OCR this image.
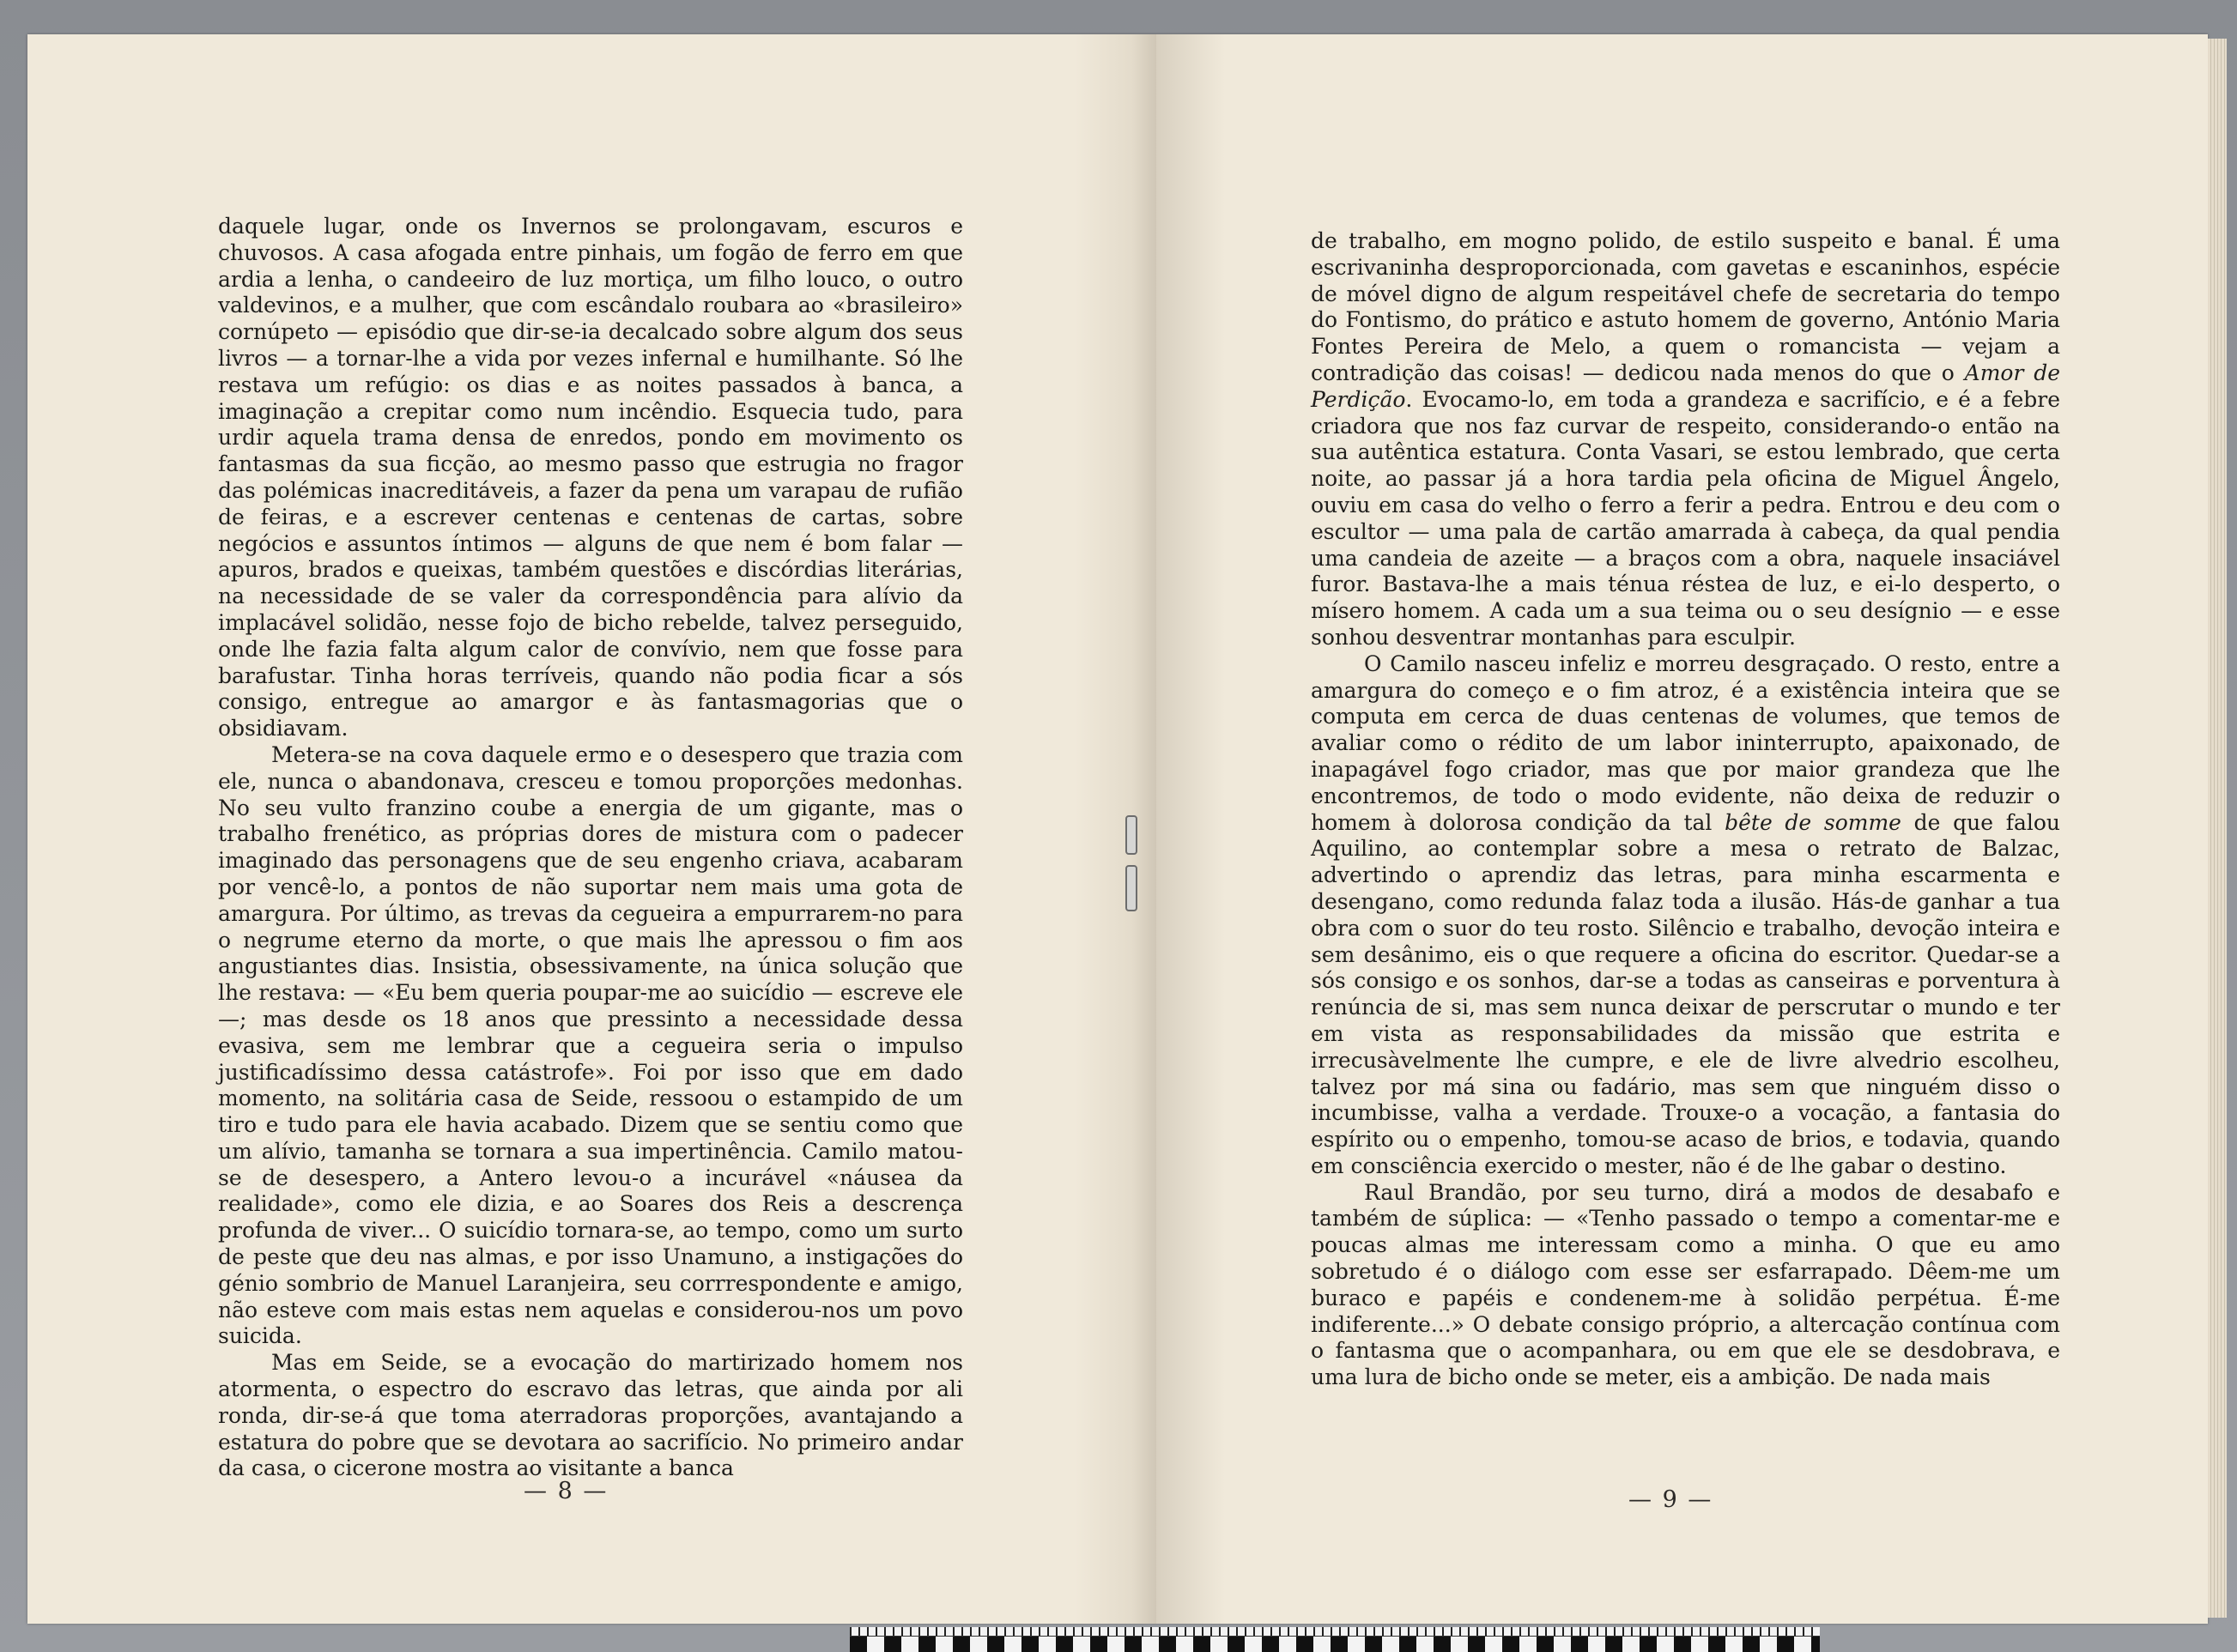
daquele lugar, onde os Invernos se prolongavam, escuros e chuvosos. A casa afogada entre pinhais, um fogão de ferro em que ardia a lenha, o candeeiro de luz mortiça, um filho louco, o outro valdevinos, e a mulher, que com escândalo roubara ao «brasileiro» cornúpeto — episódio que dir-se-ia decalcado sobre algum dos seus livros — a tornar-lhe a vida por vezes infernal e humilhante. Só lhe restava um refúgio: os dias e as noites passados à banca, a imaginação a crepitar como num incêndio. Esquecia tudo, para urdir aquela trama densa de enredos, pondo em movimento os fantasmas da sua ficção, ao mesmo passo que estrugia no fragor das polémicas inacreditáveis, a fazer da pena um varapau de rufião de feiras, e a escrever centenas e centenas de cartas, sobre negócios e assuntos íntimos — alguns de que nem é bom falar — apuros, brados e queixas, também questões e discórdias literárias, na necessidade de se valer da correspondência para alívio da implacável solidão, nesse fojo de bicho rebelde, talvez perseguido, onde lhe fazia falta algum calor de convívio, nem que fosse para barafustar. Tinha horas terríveis, quando não podia ficar a sós consigo, entregue ao amargor e às fantasmagorias que o obsidiavam.

Metera-se na cova daquele ermo e o desespero que trazia com ele, nunca o abandonava, cresceu e tomou proporções medonhas. No seu vulto franzino coube a energia de um gigante, mas o trabalho frenético, as próprias dores de mistura com o padecer imaginado das personagens que de seu engenho criava, acabaram por vencê-lo, a pontos de não suportar nem mais uma gota de amargura. Por último, as trevas da cegueira a empurrarem-no para o negrume eterno da morte, o que mais lhe apressou o fim aos angustiantes dias. Insistia, obsessivamente, na única solução que lhe restava: — «Eu bem queria poupar-me ao suicídio — escreve ele —; mas desde os 18 anos que pressinto a necessidade dessa evasiva, sem me lembrar que a cegueira seria o impulso justificadíssimo dessa catástrofe». Foi por isso que em dado momento, na solitária casa de Seide, ressoou o estampido de um tiro e tudo para ele havia acabado. Dizem que se sentiu como que um alívio, tamanha se tornara a sua impertinência. Camilo matou-se de desespero, a Antero levou-o a incurável «náusea da realidade», como ele dizia, e ao Soares dos Reis a descrença profunda de viver... O suicídio tornara-se, ao tempo, como um surto de peste que deu nas almas, e por isso Unamuno, a instigações do génio sombrio de Manuel Laranjeira, seu corrrespondente e amigo, não esteve com mais estas nem aquelas e considerou-nos um povo suicida.

Mas em Seide, se a evocação do martirizado homem nos atormenta, o espectro do escravo das letras, que ainda por ali ronda, dir-se-á que toma aterradoras proporções, avantajando a estatura do pobre que se devotara ao sacrifício. No primeiro andar da casa, o cicerone mostra ao visitante a banca

— 8 —

de trabalho, em mogno polido, de estilo suspeito e banal. É uma escrivaninha desproporcionada, com gavetas e escaninhos, espécie de móvel digno de algum respeitável chefe de secretaria do tempo do Fontismo, do prático e astuto homem de governo, António Maria Fontes Pereira de Melo, a quem o romancista — vejam a contradição das coisas! — dedicou nada menos do que o Amor de Perdição. Evocamo-lo, em toda a grandeza e sacrifício, e é a febre criadora que nos faz curvar de respeito, considerando-o então na sua autêntica estatura. Conta Vasari, se estou lembrado, que certa noite, ao passar já a hora tardia pela oficina de Miguel Ângelo, ouviu em casa do velho o ferro a ferir a pedra. Entrou e deu com o escultor — uma pala de cartão amarrada à cabeça, da qual pendia uma candeia de azeite — a braços com a obra, naquele insaciável furor. Bastava-lhe a mais ténua réstea de luz, e ei-lo desperto, o mísero homem. A cada um a sua teima ou o seu desígnio — e esse sonhou desventrar montanhas para esculpir.

O Camilo nasceu infeliz e morreu desgraçado. O resto, entre a amargura do começo e o fim atroz, é a existência inteira que se computa em cerca de duas centenas de volumes, que temos de avaliar como o rédito de um labor ininterrupto, apaixonado, de inapagável fogo criador, mas que por maior grandeza que lhe encontremos, de todo o modo evidente, não deixa de reduzir o homem à dolorosa condição da tal bête de somme de que falou Aquilino, ao contemplar sobre a mesa o retrato de Balzac, advertindo o aprendiz das letras, para minha escarmenta e desengano, como redunda falaz toda a ilusão. Hás-de ganhar a tua obra com o suor do teu rosto. Silêncio e trabalho, devoção inteira e sem desânimo, eis o que requere a oficina do escritor. Quedar-se a sós consigo e os sonhos, dar-se a todas as canseiras e porventura à renúncia de si, mas sem nunca deixar de perscrutar o mundo e ter em vista as responsabilidades da missão que estrita e irrecusàvelmente lhe cumpre, e ele de livre alvedrio escolheu, talvez por má sina ou fadário, mas sem que ninguém disso o incumbisse, valha a verdade. Trouxe-o a vocação, a fantasia do espírito ou o empenho, tomou-se acaso de brios, e todavia, quando em consciência exercido o mester, não é de lhe gabar o destino.

Raul Brandão, por seu turno, dirá a modos de desabafo e também de súplica: — «Tenho passado o tempo a comentar-me e poucas almas me interessam como a minha. O que eu amo sobretudo é o diálogo com esse ser esfarrapado. Dêem-me um buraco e papéis e condenem-me à solidão perpétua. É-me indiferente...» O debate consigo próprio, a altercação contínua com o fantasma que o acompanhara, ou em que ele se desdobrava, e uma lura de bicho onde se meter, eis a ambição. De nada mais

— 9 —
